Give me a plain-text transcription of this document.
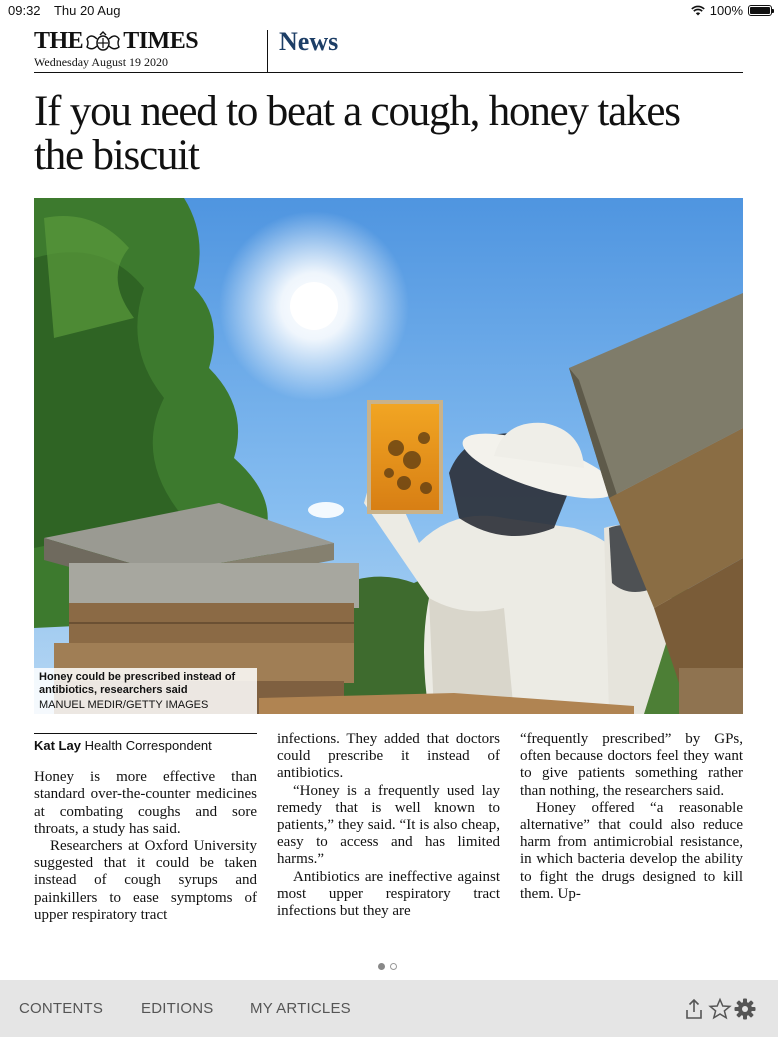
09:32 Thu 20 Aug	100%
THE TIMES
Wednesday August 19 2020
News
If you need to beat a cough, honey takes the biscuit
Honey could be prescribed instead of antibiotics, researchers said
MANUEL MEDIR/GETTY IMAGES
Kat Lay Health Correspondent

Honey is more effective than standard over-the-counter medicines at combating coughs and sore throats, a study has said.

Researchers at Oxford University suggested that it could be taken instead of cough syrups and painkillers to ease symptoms of upper respiratory tract

infections. They added that doctors could prescribe it instead of antibiotics.

“Honey is a frequently used lay remedy that is well known to patients,” they said. “It is also cheap, easy to access and has limited harms.”

Antibiotics are ineffective against most upper respiratory tract infections but they are

“frequently prescribed” by GPs, often because doctors feel they want to give patients something rather than nothing, the researchers said.

Honey offered “a reasonable alternative” that could also reduce harm from antimicrobial resistance, in which bacteria develop the ability to fight the drugs designed to kill them. Up-

CONTENTS	EDITIONS MY ARTICLES
